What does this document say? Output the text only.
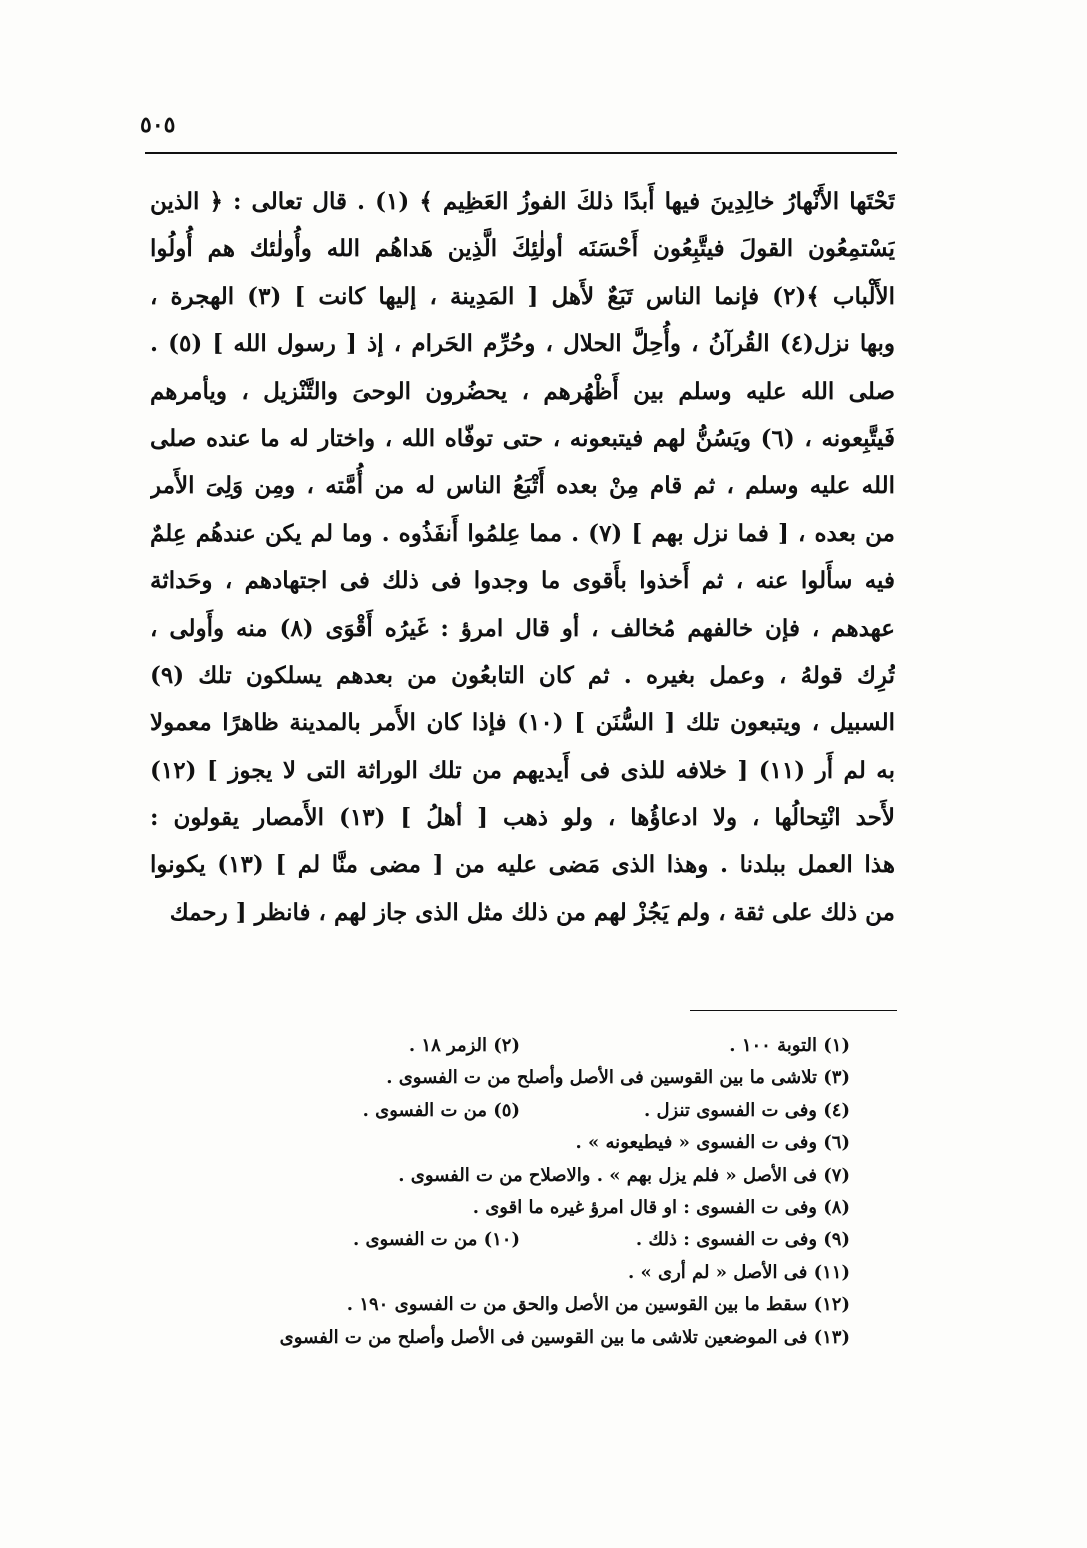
٥٠٥
تَحْتَها الأَنْهارُ خالِدِينَ فيها أَبدًا ذلكَ الفوزُ العَظِيم ﴾ (١) . قال تعالى : ﴿ الذين
يَسْتمِعُون القولَ فيتَّبِعُون أَحْسَنَه أولٰئِكَ الَّذِين هَداهُم الله وأُولٰئك هم أُولُوا
الأَلْباب ﴾(٢) فإنما الناس تَبَعٌ لأَهل [ المَدِينة ، إليها كانت ] (٣) الهجرة ،
وبها نزل(٤) القُرآنُ ، وأُحِلَّ الحلال ، وحُرِّم الحَرام ، إذ [ رسول الله ] (٥) .
صلى الله عليه وسلم بين أَظْهُرهم ، يحضُرون الوحىَ والتَّنْزيل ، ويأمرهم
فَيتَّبِعونه ، (٦) ويَسُنُّ لهم فيتبعونه ، حتى توفّاه الله ، واختار له ما عنده صلى
الله عليه وسلم ، ثم قام مِنْ بعده أَتْبَعُ الناس له من أُمَّته ، ومِن وَلِىَ الأَمر
من بعده ، [ فما نزل بهم ] (٧) . مما عِلمُوا أَنفَذُوه . وما لم يكن عندهُم عِلمٌ
فيه سأَلوا عنه ، ثم أَخذوا بأَقوى ما وجدوا فى ذلك فى اجتهادهم ، وحَداثة
عهدهم ، فإن خالفهم مُخالف ، أو قال امرؤ : غَيرُه أَقْوَى (٨) منه وأَولى ،
تُرِك قولهُ ، وعمل بغيره . ثم كان التابعُون من بعدهم يسلكون تلك (٩)
السبيل ، ويتبعون تلك [ السُّنَن ] (١٠) فإذا كان الأَمر بالمدينة ظاهرًا معمولا
به لم أَر (١١) [ خلافه للذى فى أَيديهم من تلك الوراثة التى لا يجوز ] (١٢)
لأَحد انْتِحالُها ، ولا ادعاؤُها ، ولو ذهب [ أهلُ ] (١٣) الأَمصار يقولون :
هذا العمل ببلدنا . وهذا الذى مَضى عليه من [ مضى منَّا لم ] (١٣) يكونوا
من ذلك على ثقة ، ولم يَجُزْ لهم من ذلك مثل الذى جاز لهم ، فانظر [ رحمك
(١) التوبة ١٠٠ .
(٢) الزمر ١٨ .
(٣) تلاشى ما بين القوسين فى الأصل وأصلح من ت الفسوى .
(٤) وفى ت الفسوى تنزل .
(٥) من ت الفسوى .
(٦) وفى ت الفسوى « فيطيعونه » .
(٧) فى الأصل « فلم يزل بهم » . والاصلاح من ت الفسوى .
(٨) وفى ت الفسوى : او قال امرؤ غيره ما اقوى .
(٩) وفى ت الفسوى : ذلك .
(١٠) من ت الفسوى .
(١١) فى الأصل « لم أرى » .
(١٢) سقط ما بين القوسين من الأصل والحق من ت الفسوى ١٩٠ .
(١٣) فى الموضعين تلاشى ما بين القوسين فى الأصل وأصلح من ت الفسوى
